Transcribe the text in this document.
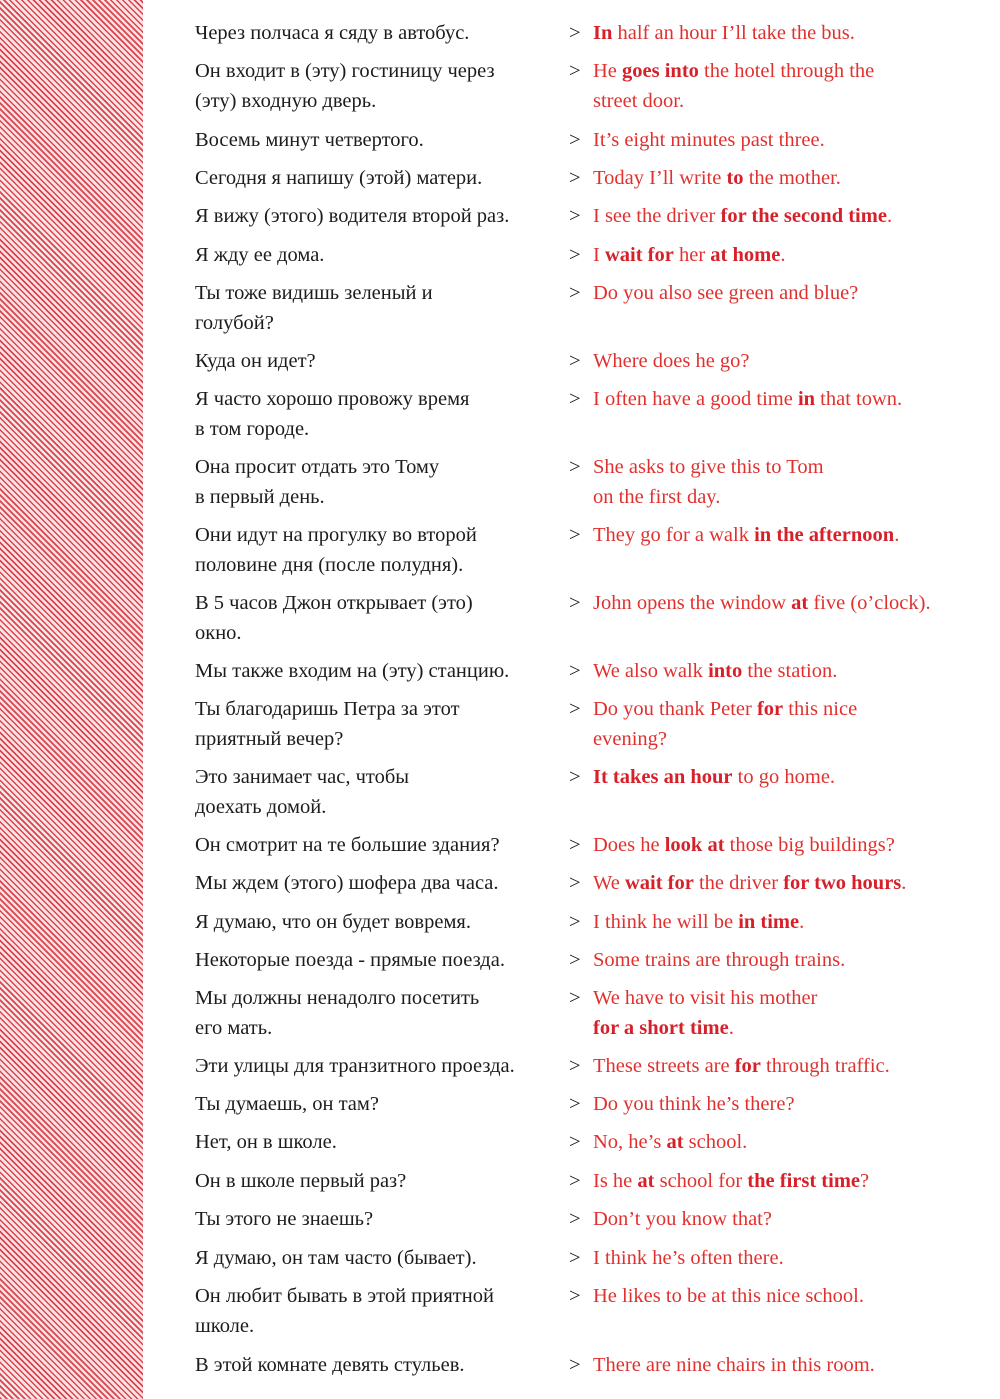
Через полчаса я сяду в автобус.	> In half an hour I’ll take the bus.
Он входит в (эту) гостиницу через
(эту) входную дверь.
> He goes into the hotel through the
street door.
Восемь минут четвертого.	> It’s eight minutes past three.
Сегодня я напишу (этой) матери.	> Today I’ll write to the mother.
Я вижу (этого) водителя второй раз.	> I see the driver for the second time.
Я жду ее дома.	> I wait for her at home.
Ты тоже видишь зеленый и
голубой?
> Do you also see green and blue?
Куда он идет?	> Where does he go?
Я часто хорошо провожу время
в том городе.
> I often have a good time in that town.
Она просит отдать это Тому
в первый день.
> She asks to give this to Tom
on the first day.
Они идут на прогулку во второй
половине дня (после полудня).
> They go for a walk in the afternoon.
В 5 часов Джон открывает (это)
окно.
> John opens the window at five (o’clock).
Мы также входим на (эту) станцию.	> We also walk into the station.
Ты благодаришь Петра за этот
приятный вечер?
> Do you thank Peter for this nice
evening?
Это занимает час, чтобы
доехать домой.
> It takes an hour to go home.
Он смотрит на те большие здания?	> Does he look at those big buildings?
Мы ждем (этого) шофера два часа.	> We wait for the driver for two hours.
Я думаю, что он будет вовремя.	> I think he will be in time.
Некоторые поезда - прямые поезда.	> Some trains are through trains.
Мы должны ненадолго посетить
его мать.
> We have to visit his mother
for a short time.
Эти улицы для транзитного проезда.	> These streets are for through traffic.
Ты думаешь, он там?	> Do you think he’s there?
Нет, он в школе.	> No, he’s at school.
Он в школе первый раз?	> Is he at school for the first time?
Ты этого не знаешь?	> Don’t you know that?
Я думаю, он там часто (бывает).	> I think he’s often there.
Он любит бывать в этой приятной
школе.
> He likes to be at this nice school.
В этой комнате девять стульев.	> There are nine chairs in this room.
